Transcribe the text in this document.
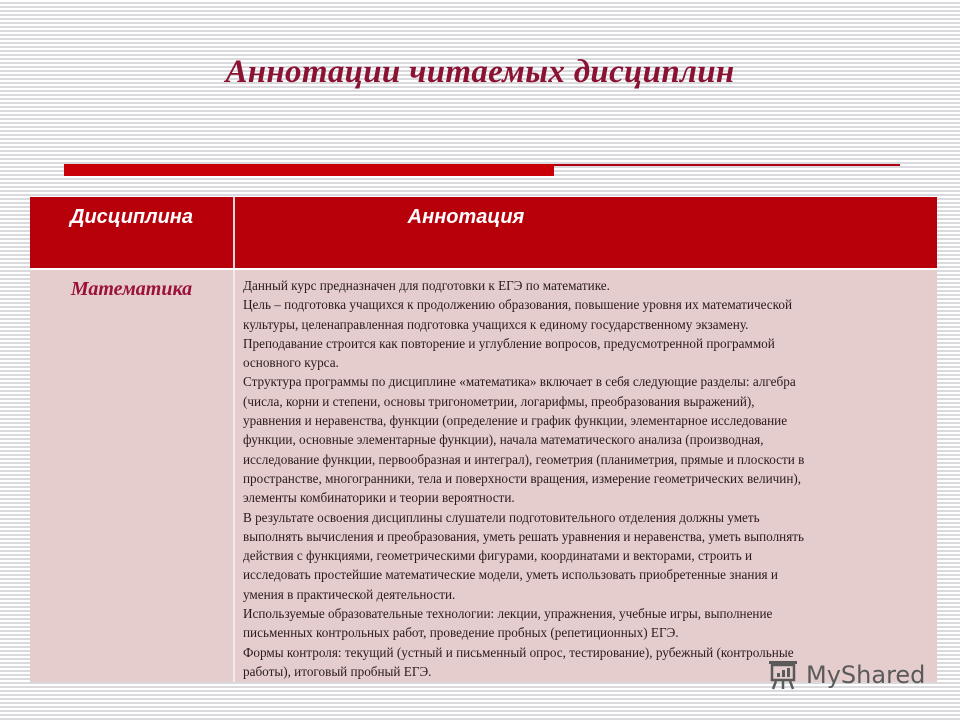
Аннотации читаемых дисциплин
Дисциплина	Аннотация
Математика	Данный курс предназначен для подготовки к ЕГЭ по математике.

Цель – подготовка учащихся к продолжению образования, повышение уровня их математической

культуры, целенаправленная подготовка учащихся к единому государственному экзамену.

Преподавание строится как повторение и углубление вопросов, предусмотренной программой

основного курса.

Структура программы по дисциплине «математика» включает в себя следующие разделы: алгебра

(числа, корни и степени, основы тригонометрии, логарифмы, преобразования выражений),

уравнения и неравенства, функции (определение и график функции, элементарное исследование

функции, основные элементарные функции), начала математического анализа (производная,

исследование функции, первообразная и интеграл), геометрия (планиметрия, прямые и плоскости в

пространстве, многогранники, тела и поверхности вращения, измерение геометрических величин),

элементы комбинаторики и теории вероятности.

В результате освоения дисциплины слушатели подготовительного отделения должны уметь

выполнять вычисления и преобразования, уметь решать уравнения и неравенства, уметь выполнять

действия с функциями, геометрическими фигурами, координатами и векторами, строить и

исследовать простейшие математические модели, уметь использовать приобретенные знания и

умения в практической деятельности.

Используемые образовательные технологии: лекции, упражнения, учебные игры, выполнение

письменных контрольных работ, проведение пробных (репетиционных) ЕГЭ.

Формы контроля: текущий (устный и письменный опрос, тестирование), рубежный (контрольные

работы), итоговый пробный ЕГЭ.	MyShared
